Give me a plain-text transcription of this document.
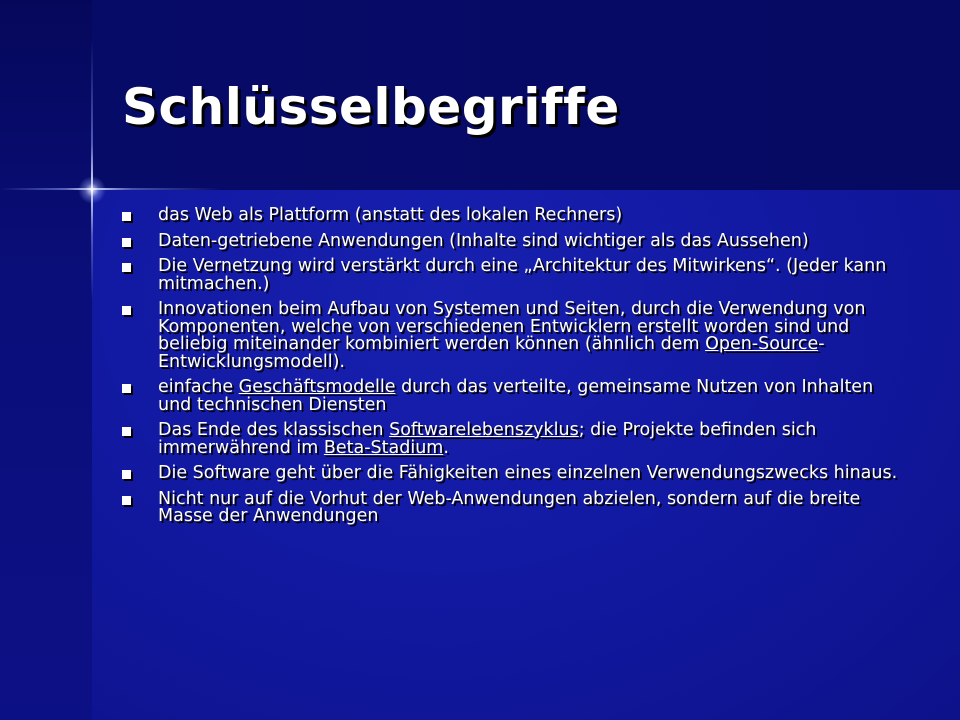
Schlüsselbegriffe
das Web als Plattform (anstatt des lokalen Rechners)
Daten-getriebene Anwendungen (Inhalte sind wichtiger als das Aussehen)
Die Vernetzung wird verstärkt durch eine „Architektur des Mitwirkens“. (Jeder kann mitmachen.)
Innovationen beim Aufbau von Systemen und Seiten, durch die Verwendung von Komponenten, welche von verschiedenen Entwicklern erstellt worden sind und beliebig miteinander kombiniert werden können (ähnlich dem Open-Source-Entwicklungsmodell).
einfache Geschäftsmodelle durch das verteilte, gemeinsame Nutzen von Inhalten und technischen Diensten
Das Ende des klassischen Softwarelebenszyklus; die Projekte befinden sich immerwährend im Beta-Stadium.
Die Software geht über die Fähigkeiten eines einzelnen Verwendungszwecks hinaus.
Nicht nur auf die Vorhut der Web-Anwendungen abzielen, sondern auf die breite Masse der Anwendungen
